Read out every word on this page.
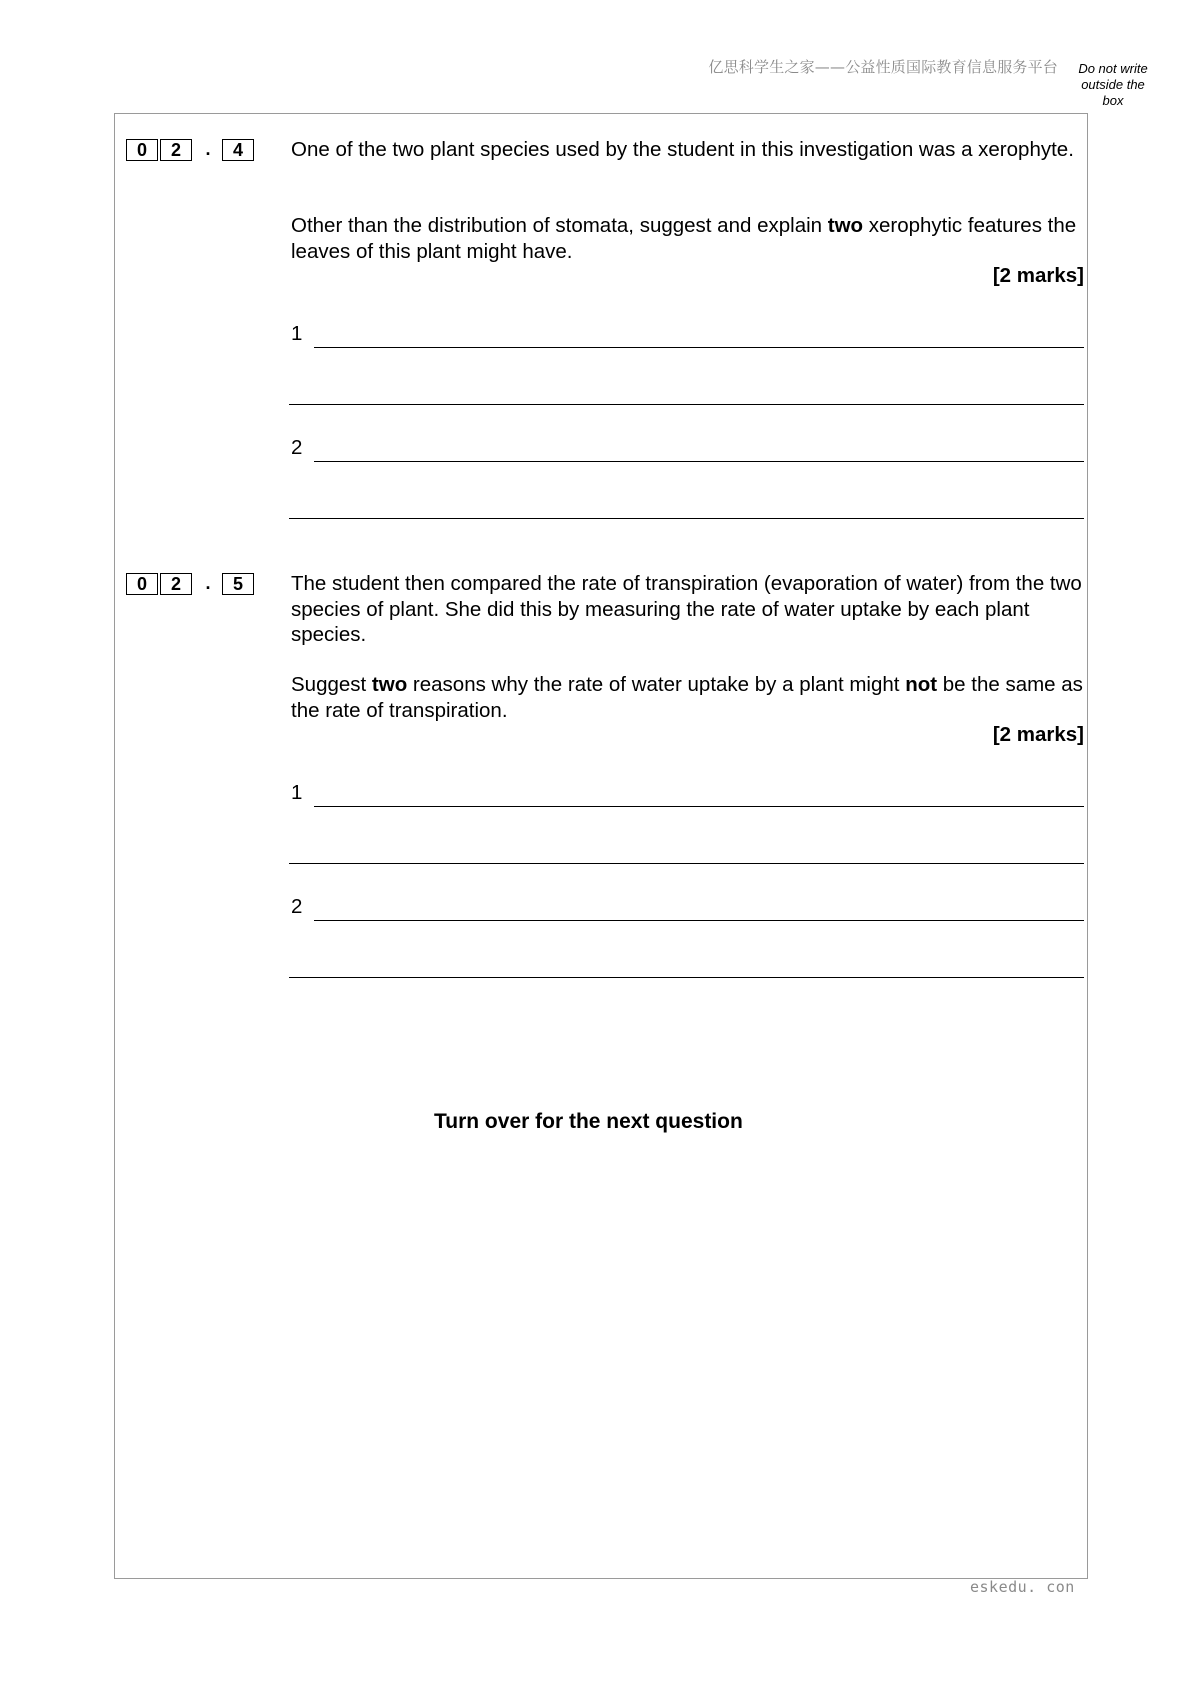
亿思科学生之家——公益性质国际教育信息服务平台	Do not write
outside the
box
0	2	.	4	One of the two plant species used by the student in this investigation was a xerophyte.
Other than the distribution of stomata, suggest and explain two xerophytic features the leaves of this plant might have.
[2 marks]
1
2
0	2	.	5	The student then compared the rate of transpiration (evaporation of water) from the two species of plant. She did this by measuring the rate of water uptake by each plant species.
Suggest two reasons why the rate of water uptake by a plant might not be the same as the rate of transpiration.
[2 marks]
1
2
Turn over for the next question
eskedu. con
